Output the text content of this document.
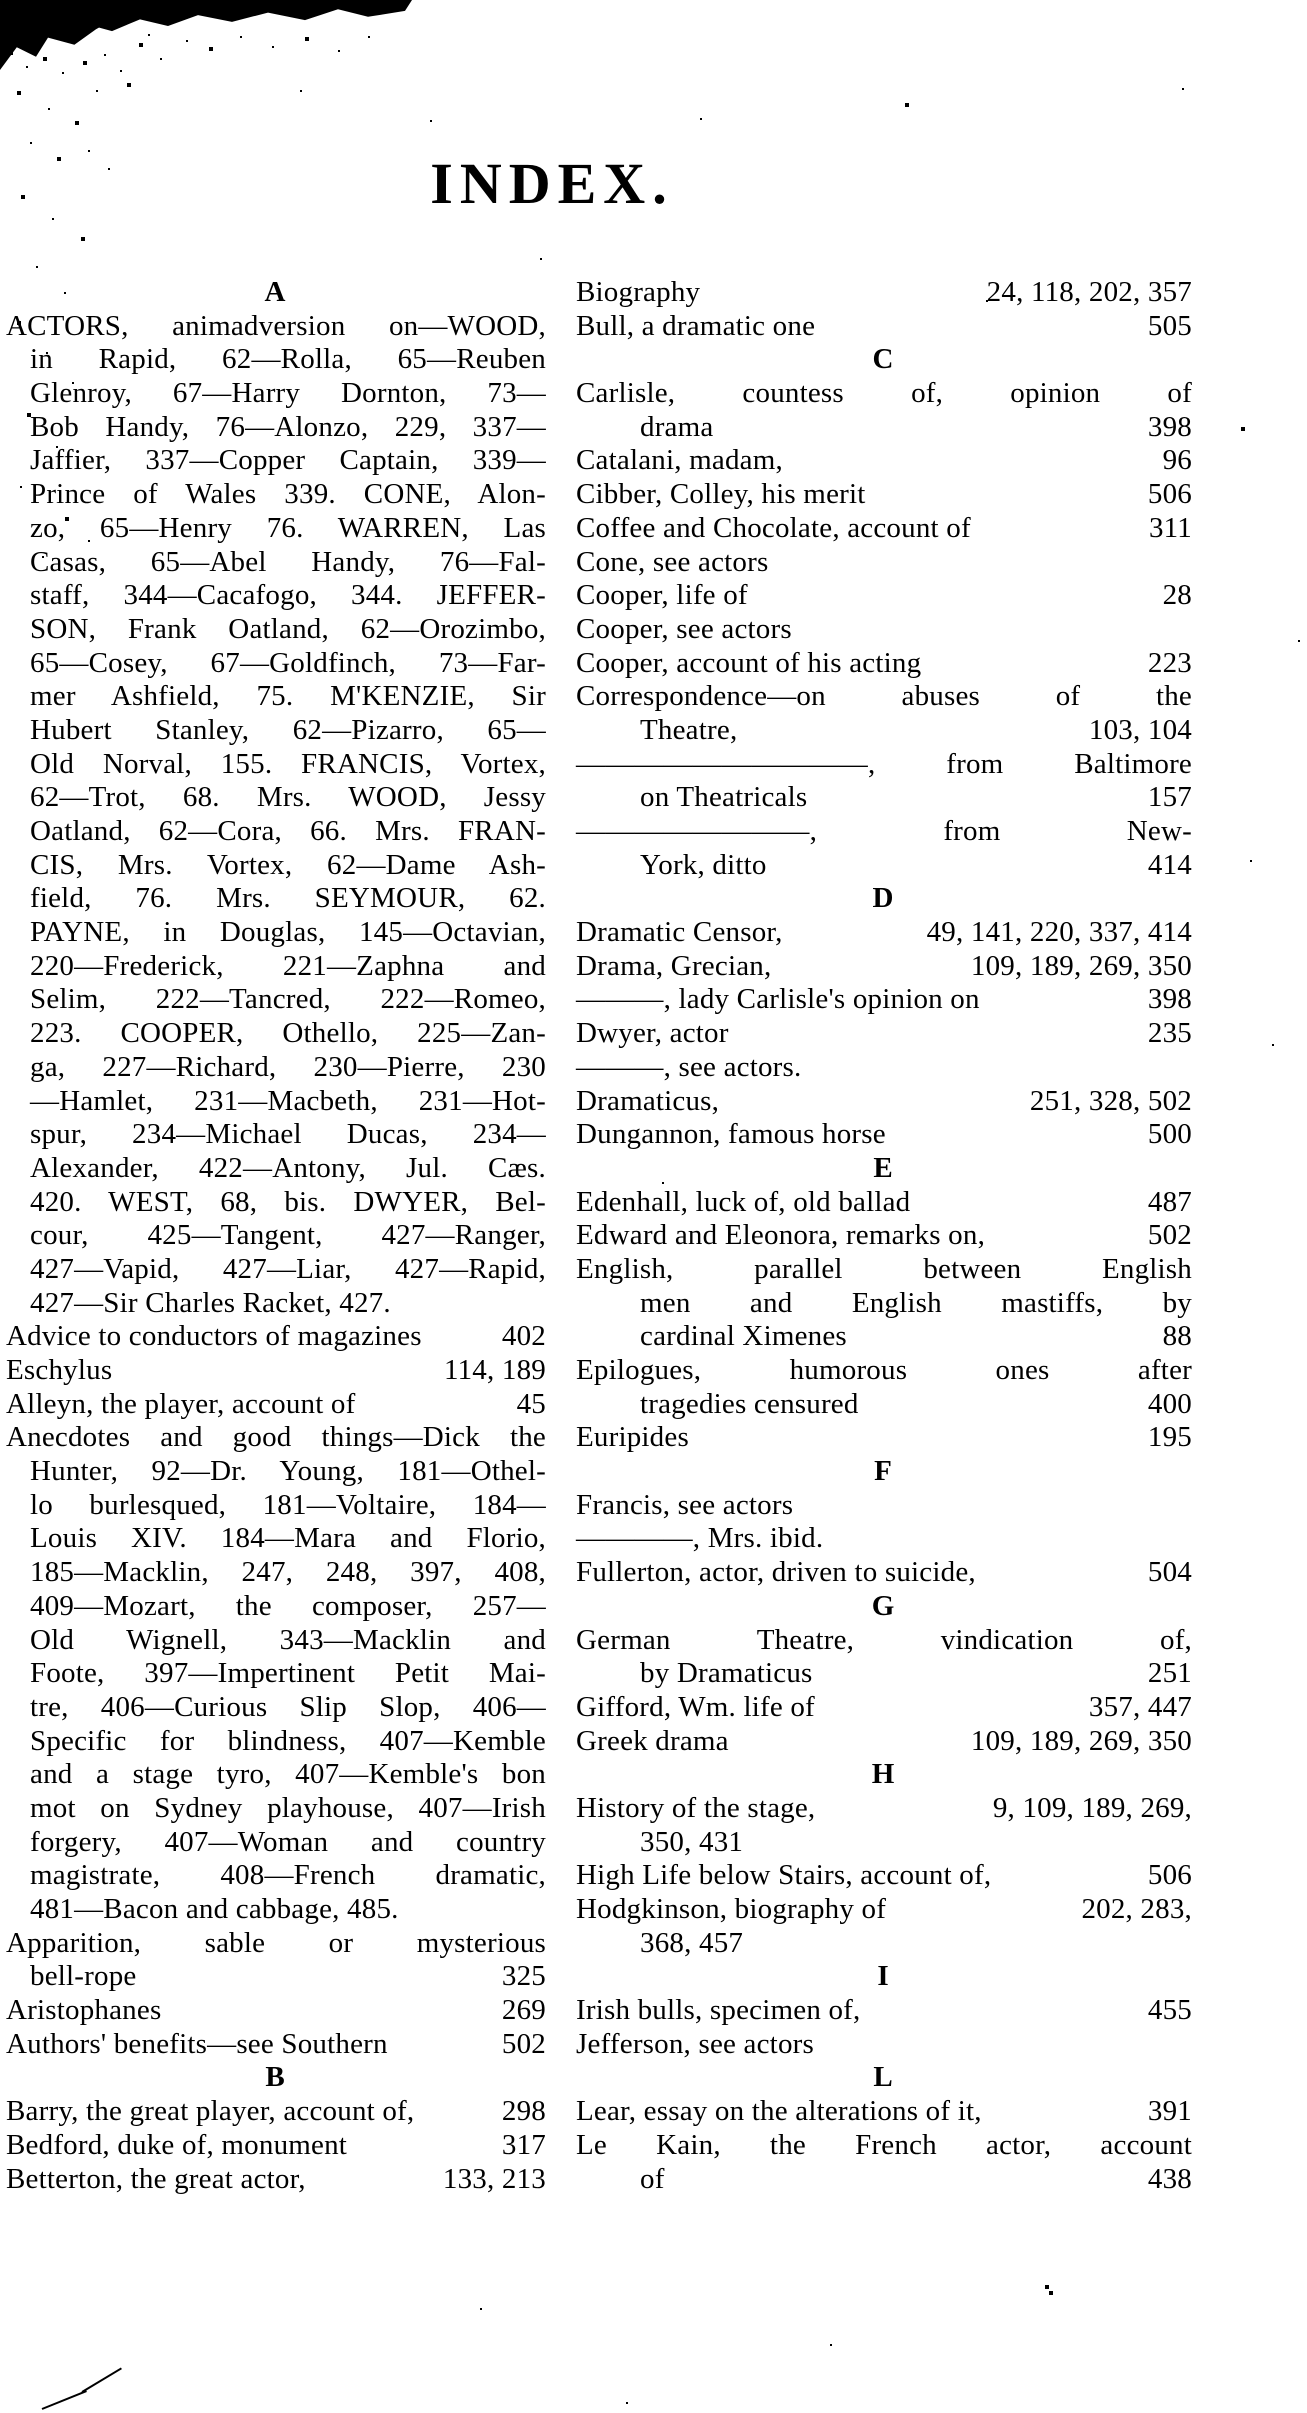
INDEX.
A
ACTORS, animadversion on—WOOD,
in Rapid, 62—Rolla, 65—Reuben
Glenroy, 67—Harry Dornton, 73—
Bob Handy, 76—Alonzo, 229, 337—
Jaffier, 337—Copper Captain, 339—
Prince of Wales 339. CONE, Alon-
zo, 65—Henry 76. WARREN, Las
Casas, 65—Abel Handy, 76—Fal-
staff, 344—Cacafogo, 344. JEFFER-
SON, Frank Oatland, 62—Orozimbo,
65—Cosey, 67—Goldfinch, 73—Far-
mer Ashfield, 75. M'KENZIE, Sir
Hubert Stanley, 62—Pizarro, 65—
Old Norval, 155. FRANCIS, Vortex,
62—Trot, 68. Mrs. WOOD, Jessy
Oatland, 62—Cora, 66. Mrs. FRAN-
CIS, Mrs. Vortex, 62—Dame Ash-
field, 76. Mrs. SEYMOUR, 62.
PAYNE, in Douglas, 145—Octavian,
220—Frederick, 221—Zaphna and
Selim, 222—Tancred, 222—Romeo,
223. COOPER, Othello, 225—Zan-
ga, 227—Richard, 230—Pierre, 230
—Hamlet, 231—Macbeth, 231—Hot-
spur, 234—Michael Ducas, 234—
Alexander, 422—Antony, Jul. Cæs.
420. WEST, 68, bis. DWYER, Bel-
cour, 425—Tangent, 427—Ranger,
427—Vapid, 427—Liar, 427—Rapid,
427—Sir Charles Racket, 427.
Advice to conductors of magazines	402
Eschylus	114, 189
Alleyn, the player, account of	45
Anecdotes and good things—Dick the
Hunter, 92—Dr. Young, 181—Othel-
lo burlesqued, 181—Voltaire, 184—
Louis XIV. 184—Mara and Florio,
185—Macklin, 247, 248, 397, 408,
409—Mozart, the composer, 257—
Old Wignell, 343—Macklin and
Foote, 397—Impertinent Petit Mai-
tre, 406—Curious Slip Slop, 406—
Specific for blindness, 407—Kemble
and a stage tyro, 407—Kemble's bon
mot on Sydney playhouse, 407—Irish
forgery, 407—Woman and country
magistrate, 408—French dramatic,
481—Bacon and cabbage, 485.
Apparition, sable or mysterious
bell-rope	325
Aristophanes	269
Authors' benefits—see Southern	502
B
Barry, the great player, account of,	298
Bedford, duke of, monument	317
Betterton, the great actor,	133, 213
Biography	24, 118, 202, 357
Bull, a dramatic one	505
C
Carlisle, countess of, opinion of
drama	398
Catalani, madam,	96
Cibber, Colley, his merit	506
Coffee and Chocolate, account of	311
Cone, see actors
Cooper, life of	28
Cooper, see actors
Cooper, account of his acting	223
Correspondence—on abuses of the
Theatre,	103, 104
——————————, from Baltimore
on Theatricals	157
————————, from New-
York, ditto	414
D
Dramatic Censor,	49, 141, 220, 337, 414
Drama, Grecian,	109, 189, 269, 350
———, lady Carlisle's opinion on	398
Dwyer, actor	235
———, see actors.
Dramaticus,	251, 328, 502
Dungannon, famous horse	500
E
Edenhall, luck of, old ballad	487
Edward and Eleonora, remarks on,	502
English, parallel between English
men and English mastiffs, by
cardinal Ximenes	88
Epilogues, humorous ones after
tragedies censured	400
Euripides	195
F
Francis, see actors
————, Mrs. ibid.
Fullerton, actor, driven to suicide,	504
G
German Theatre, vindication of,
by Dramaticus	251
Gifford, Wm. life of	357, 447
Greek drama	109, 189, 269, 350
H
History of the stage,	9, 109, 189, 269,
350, 431
High Life below Stairs, account of,	506
Hodgkinson, biography of	202, 283,
368, 457
I
Irish bulls, specimen of,	455
Jefferson, see actors
L
Lear, essay on the alterations of it,	391
Le Kain, the French actor, account
of	438
